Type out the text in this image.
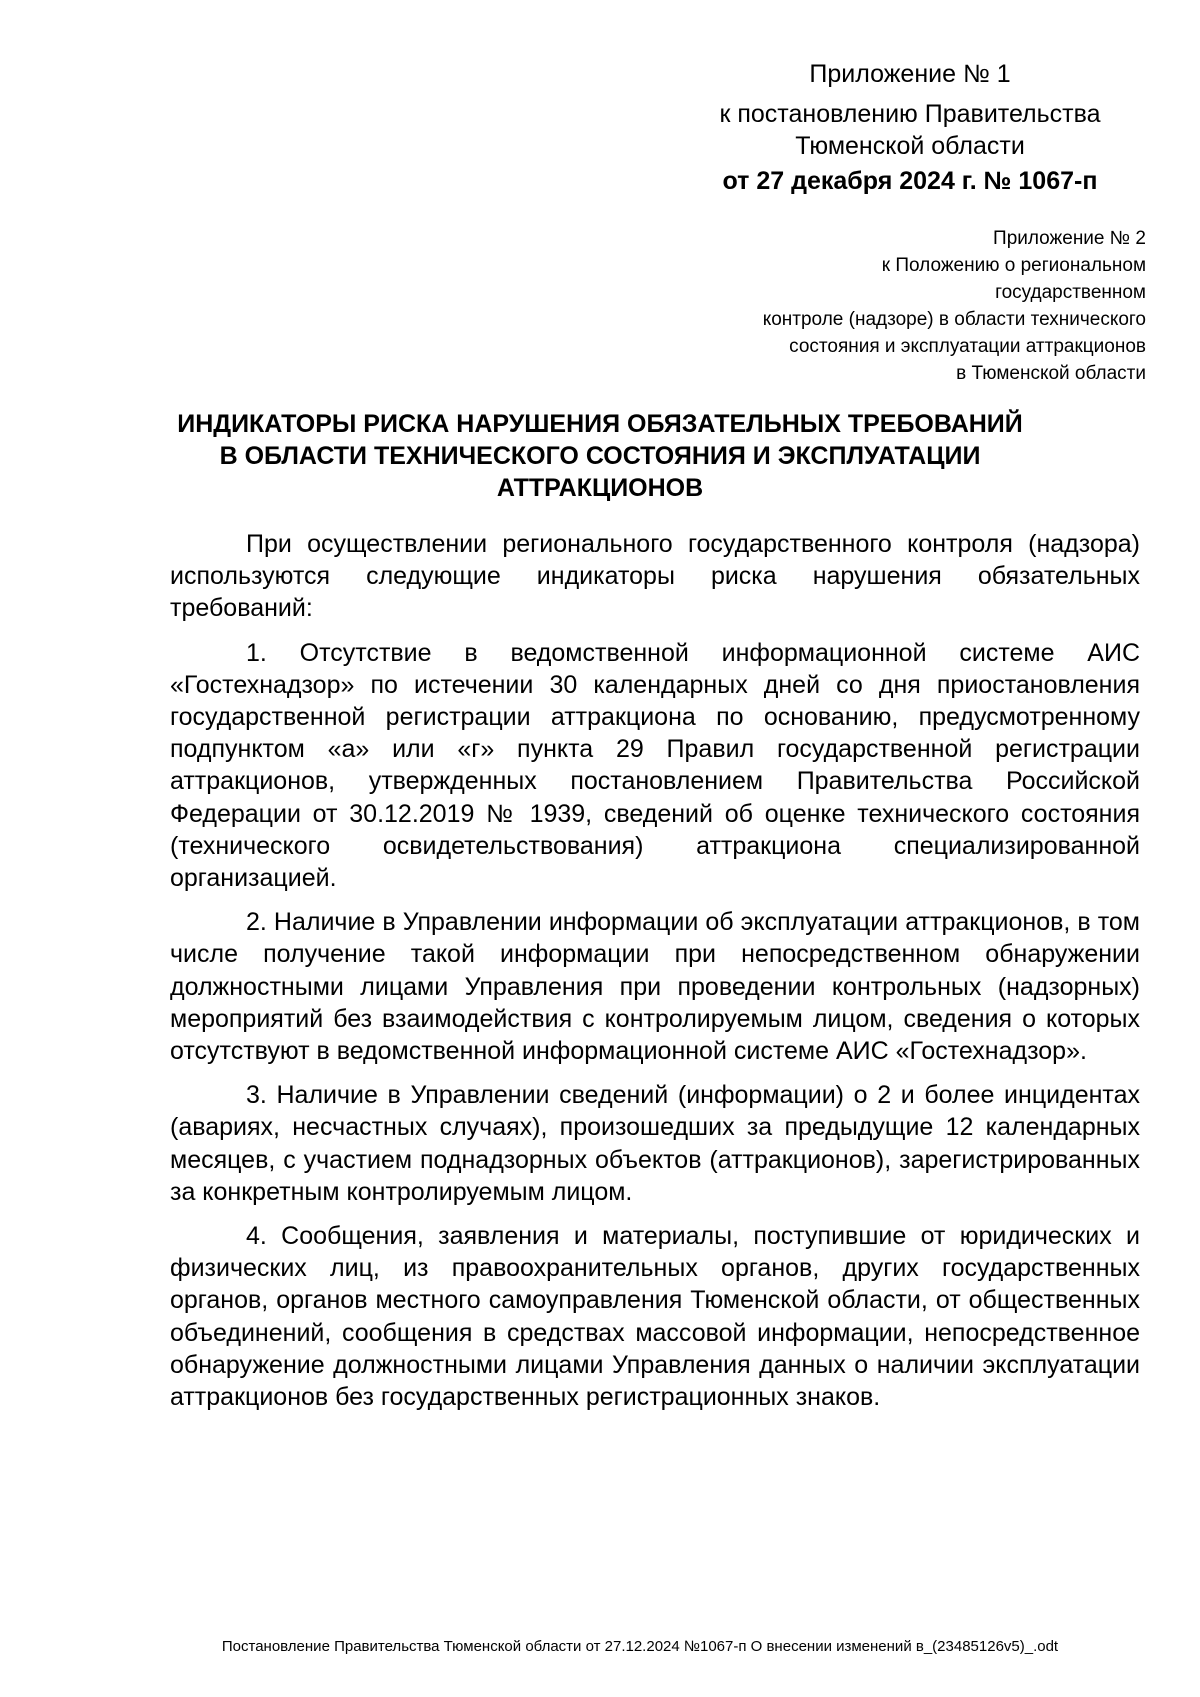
Приложение № 1
к постановлению Правительства
Тюменской области
от 27 декабря 2024 г. № 1067-п
Приложение № 2
к Положению о региональном
государственном
контроле (надзоре) в области технического
состояния и эксплуатации аттракционов
в Тюменской области
ИНДИКАТОРЫ РИСКА НАРУШЕНИЯ ОБЯЗАТЕЛЬНЫХ ТРЕБОВАНИЙ
В ОБЛАСТИ ТЕХНИЧЕСКОГО СОСТОЯНИЯ И ЭКСПЛУАТАЦИИ
АТТРАКЦИОНОВ

При осуществлении регионального государственного контроля (надзора) используются следующие индикаторы риска нарушения обязательных требований:

1. Отсутствие в ведомственной информационной системе АИС «Гостехнадзор» по истечении 30 календарных дней со дня приостановления государственной регистрации аттракциона по основанию, предусмотренному подпунктом «а» или «г» пункта 29 Правил государственной регистрации аттракционов, утвержденных постановлением Правительства Российской Федерации от 30.12.2019 № 1939, сведений об оценке технического состояния (технического освидетельствования) аттракциона специализированной организацией.

2. Наличие в Управлении информации об эксплуатации аттракционов, в том числе получение такой информации при непосредственном обнаружении должностными лицами Управления при проведении контрольных (надзорных) мероприятий без взаимодействия с контролируемым лицом, сведения о которых отсутствуют в ведомственной информационной системе АИС «Гостехнадзор».

3. Наличие в Управлении сведений (информации) о 2 и более инцидентах (авариях, несчастных случаях), произошедших за предыдущие 12 календарных месяцев, с участием поднадзорных объектов (аттракционов), зарегистрированных за конкретным контролируемым лицом.

4. Сообщения, заявления и материалы, поступившие от юридических и физических лиц, из правоохранительных органов, других государственных органов, органов местного самоуправления Тюменской области, от общественных объединений, сообщения в средствах массовой информации, непосредственное обнаружение должностными лицами Управления данных о наличии эксплуатации аттракционов без государственных регистрационных знаков.

Постановление Правительства Тюменской области от 27.12.2024 №1067-п О внесении изменений в_(23485126v5)_.odt
